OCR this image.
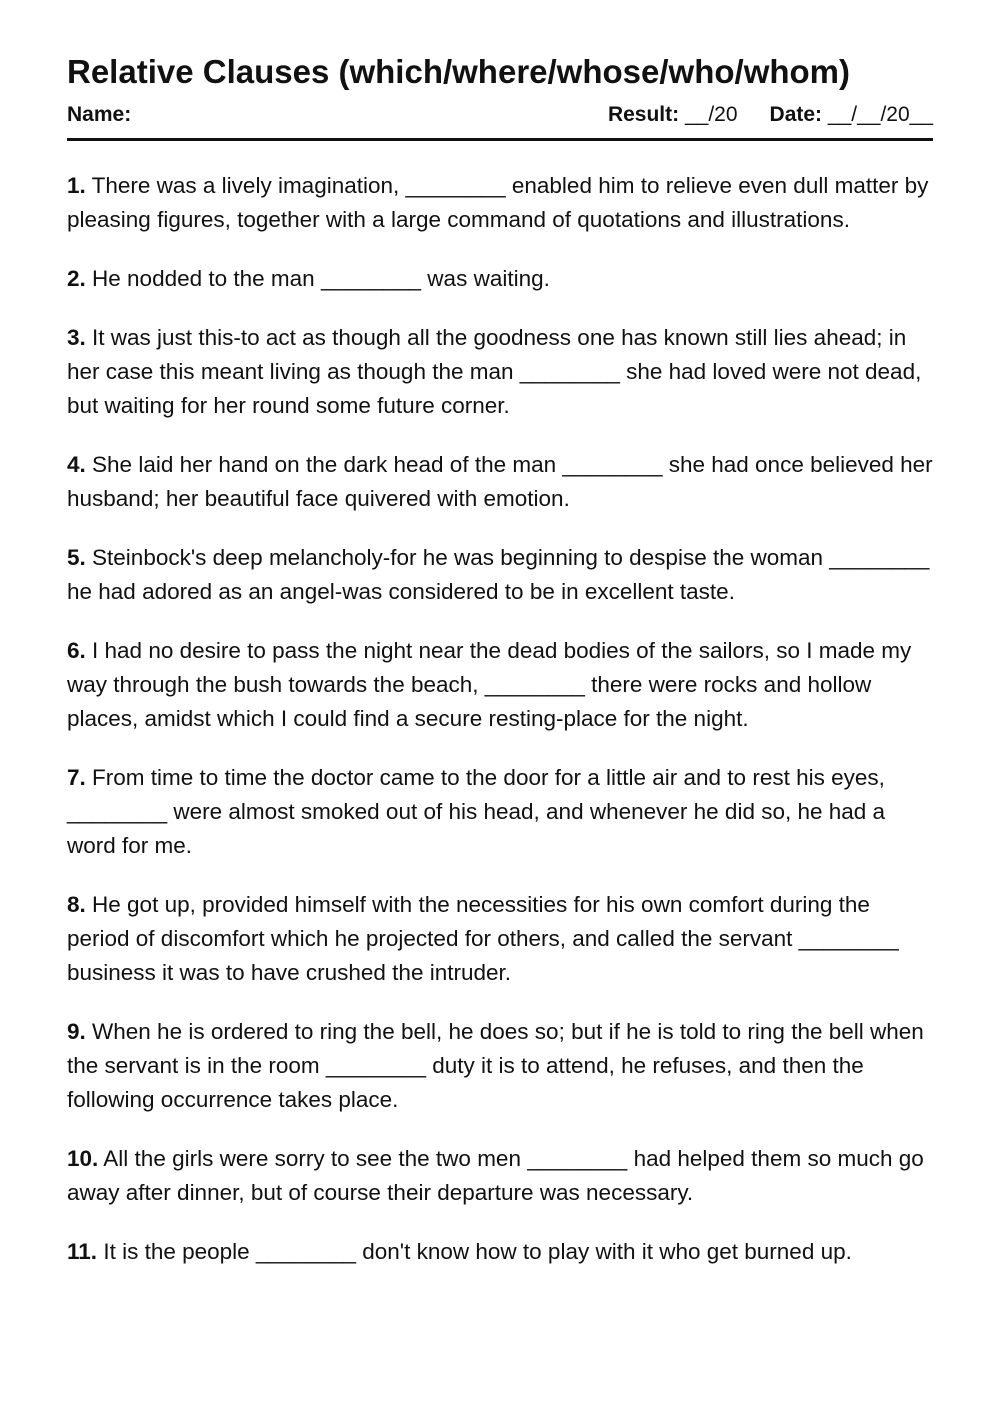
Relative Clauses (which/where/whose/who/whom)
Name:	Result: __/20 Date: __/__/20__

1. There was a lively imagination, ________ enabled him to relieve even dull matter by pleasing figures, together with a large command of quotations and illustrations.

2. He nodded to the man ________ was waiting.

3. It was just this-to act as though all the goodness one has known still lies ahead; in her case this meant living as though the man ________ she had loved were not dead, but waiting for her round some future corner.

4. She laid her hand on the dark head of the man ________ she had once believed her husband; her beautiful face quivered with emotion.

5. Steinbock's deep melancholy-for he was beginning to despise the woman ________ he had adored as an angel-was considered to be in excellent taste.

6. I had no desire to pass the night near the dead bodies of the sailors, so I made my way through the bush towards the beach, ________ there were rocks and hollow places, amidst which I could find a secure resting-place for the night.

7. From time to time the doctor came to the door for a little air and to rest his eyes, ________ were almost smoked out of his head, and whenever he did so, he had a word for me.

8. He got up, provided himself with the necessities for his own comfort during the period of discomfort which he projected for others, and called the servant ________ business it was to have crushed the intruder.

9. When he is ordered to ring the bell, he does so; but if he is told to ring the bell when the servant is in the room ________ duty it is to attend, he refuses, and then the following occurrence takes place.

10. All the girls were sorry to see the two men ________ had helped them so much go away after dinner, but of course their departure was necessary.

11. It is the people ________ don't know how to play with it who get burned up.
